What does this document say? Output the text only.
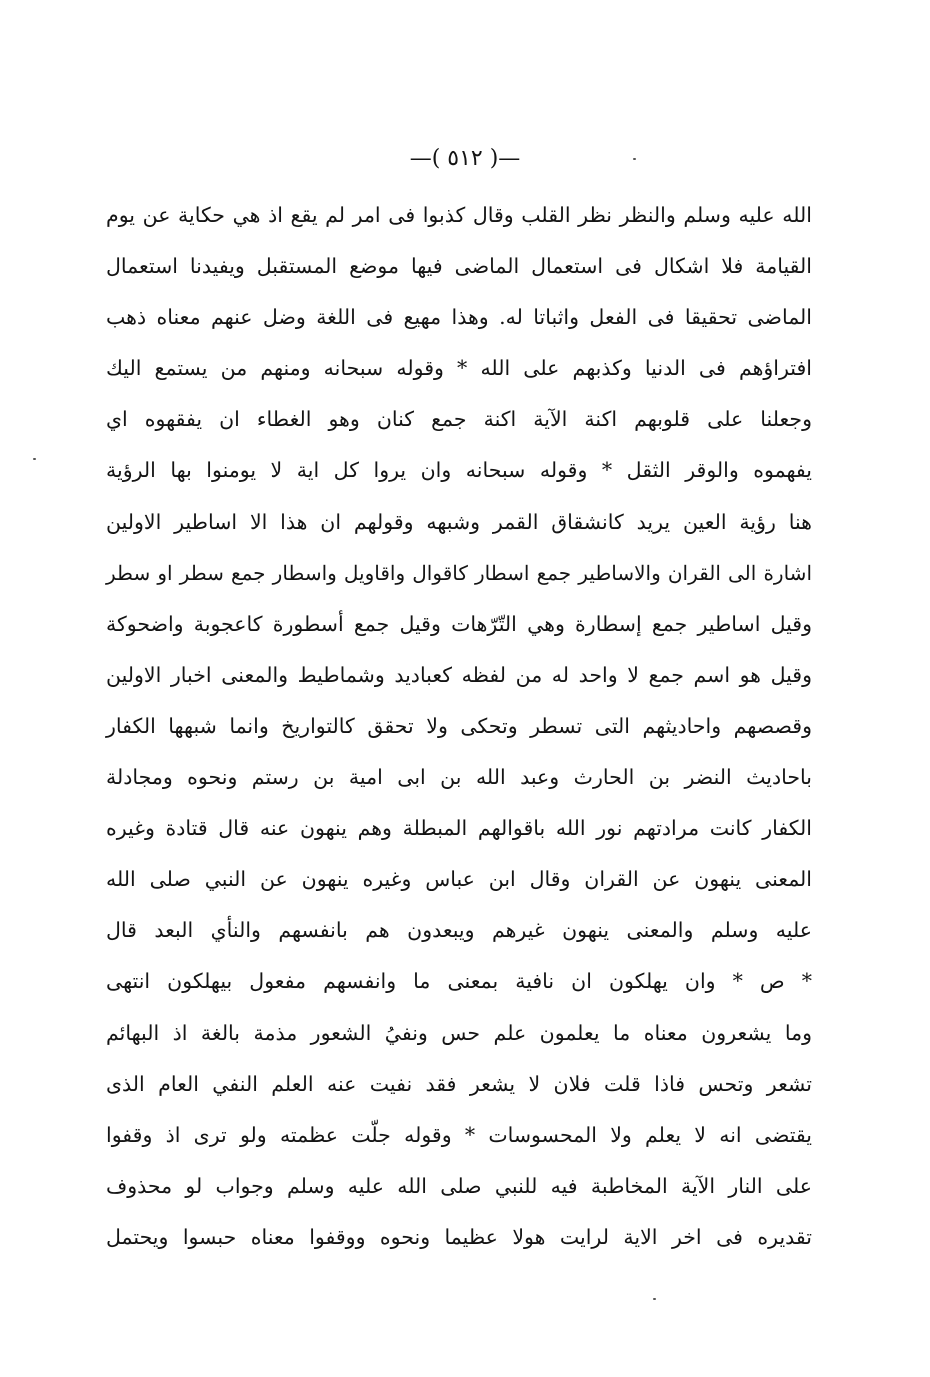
—( ٥١٢ )—
الله عليه وسلم والنظر نظر القلب وقال كذبوا فى امر لم يقع اذ هي حكاية عن يوم
القيامة فلا اشكال فى استعمال الماضى فيها موضع المستقبل ويفيدنا استعمال
الماضى تحقيقا فى الفعل واثباتا له. وهذا مهيع فى اللغة وضل عنهم معناه ذهب
افتراؤهم فى الدنيا وكذبهم على الله * وقوله سبحانه ومنهم من يستمع اليك
وجعلنا على قلوبهم اكنة الآية اكنة جمع كنان وهو الغطاء ان يفقهوه اي
يفهموه والوقر الثقل * وقوله سبحانه وان يروا كل اية لا يومنوا بها الرؤية
هنا رؤية العين يريد كانشقاق القمر وشبهه وقولهم ان هذا الا اساطير الاولين
اشارة الى القران والاساطير جمع اسطار كاقوال واقاويل واسطار جمع سطر او سطر
وقيل اساطير جمع إسطارة وهي التّرّهات وقيل جمع أسطورة كاعجوبة واضحوكة
وقيل هو اسم جمع لا واحد له من لفظه كعباديد وشماطيط والمعنى اخبار الاولين
وقصصهم واحاديثهم التى تسطر وتحكى ولا تحقق كالتواريخ وانما شبهها الكفار
باحاديث النضر بن الحارث وعبد الله بن ابى امية بن رستم ونحوه ومجادلة
الكفار كانت مرادتهم نور الله باقوالهم المبطلة وهم ينهون عنه قال قتادة وغيره
المعنى ينهون عن القران وقال ابن عباس وغيره ينهون عن النبي صلى الله
عليه وسلم والمعنى ينهون غيرهم ويبعدون هم بانفسهم والنأي البعد قال
* ص * وان يهلكون ان نافية بمعنى ما وانفسهم مفعول بيهلكون انتهى
وما يشعرون معناه ما يعلمون علم حس ونفيُ الشعور مذمة بالغة اذ البهائم
تشعر وتحس فاذا قلت فلان لا يشعر فقد نفيت عنه العلم النفي العام الذى
يقتضى انه لا يعلم ولا المحسوسات * وقوله جلّت عظمته ولو ترى اذ وقفوا
على النار الآية المخاطبة فيه للنبي صلى الله عليه وسلم وجواب لو محذوف
تقديره فى اخر الاية لرايت هولا عظيما ونحوه ووقفوا معناه حبسوا ويحتمل
